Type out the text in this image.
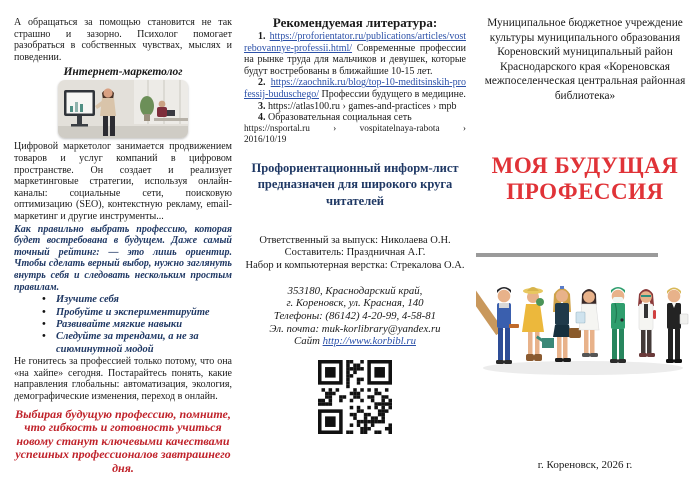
А обращаться за помощью становится не так страшно и зазорно. Психолог помогает разобраться в собственных чувствах, мыслях и поведении.

Интернет-маркетолог

Цифровой маркетолог занимается продвижением товаров и услуг компаний в цифровом пространстве. Он создает и реализует маркетинговые стратегии, используя онлайн-каналы: социальные сети, поисковую оптимизацию (SEO), контекстную рекламу, email-маркетинг и другие инструменты...

Как правильно выбрать профессию, которая будет востребована в будущем. Даже самый точный рейтинг: — это лишь ориентир. Чтобы сделать верный выбор, нужно заглянуть внутрь себя и следовать нескольким простым правилам.

• Изучите себя
• Пробуйте и экспериментируйте
• Развивайте мягкие навыки
• Следуйте за трендами, а не за сиюминутной модой

Не гонитесь за профессией только потому, что она «на хайпе» сегодня. Постарайтесь понять, какие направления глобальны: автоматизация, экология, демографические изменения, переход в онлайн.

Выбирая будущую профессию, помните, что гибкость и готовность учиться новому станут ключевыми качествами успешных профессионалов завтрашнего дня.

Рекомендуемая литература:

1. https://proforientator.ru/publications/articles/vostrebovannye-professii.html/ Современные профессии на рынке труда для мальчиков и девушек, которые будут востребованы в ближайшие 10-15 лет.

2. https://zaochnik.ru/blog/top-10-meditsinskih-professij-buduschego/ Профессии будущего в медицине.

3. https://atlas100.ru › games-and-practices › mpb

4. Образовательная социальная сеть

https://nsportal.ru › vospitatelnaya-rabota › 2016/10/19

Профориентационный информ-лист предназначен для широкого круга читателей

Ответственный за выпуск: Николаева О.Н.
Составитель: Праздничная А.Г.
Набор и компьютерная верстка: Стрекалова О.А.
353180, Краснодарский край,
г. Кореновск, ул. Красная, 140
Телефоны: (86142) 4-20-99, 4-58-81
Эл. почта: muk-korlibrary@yandex.ru
Сайт http://www.korbibl.ru

Муниципальное бюджетное учреждение культуры муниципального образования Кореновский муниципальный район Краснодарского края «Кореновская межпоселенческая центральная районная библиотека»

МОЯ БУДУЩАЯ
ПРОФЕССИЯ

г. Кореновск, 2026 г.
